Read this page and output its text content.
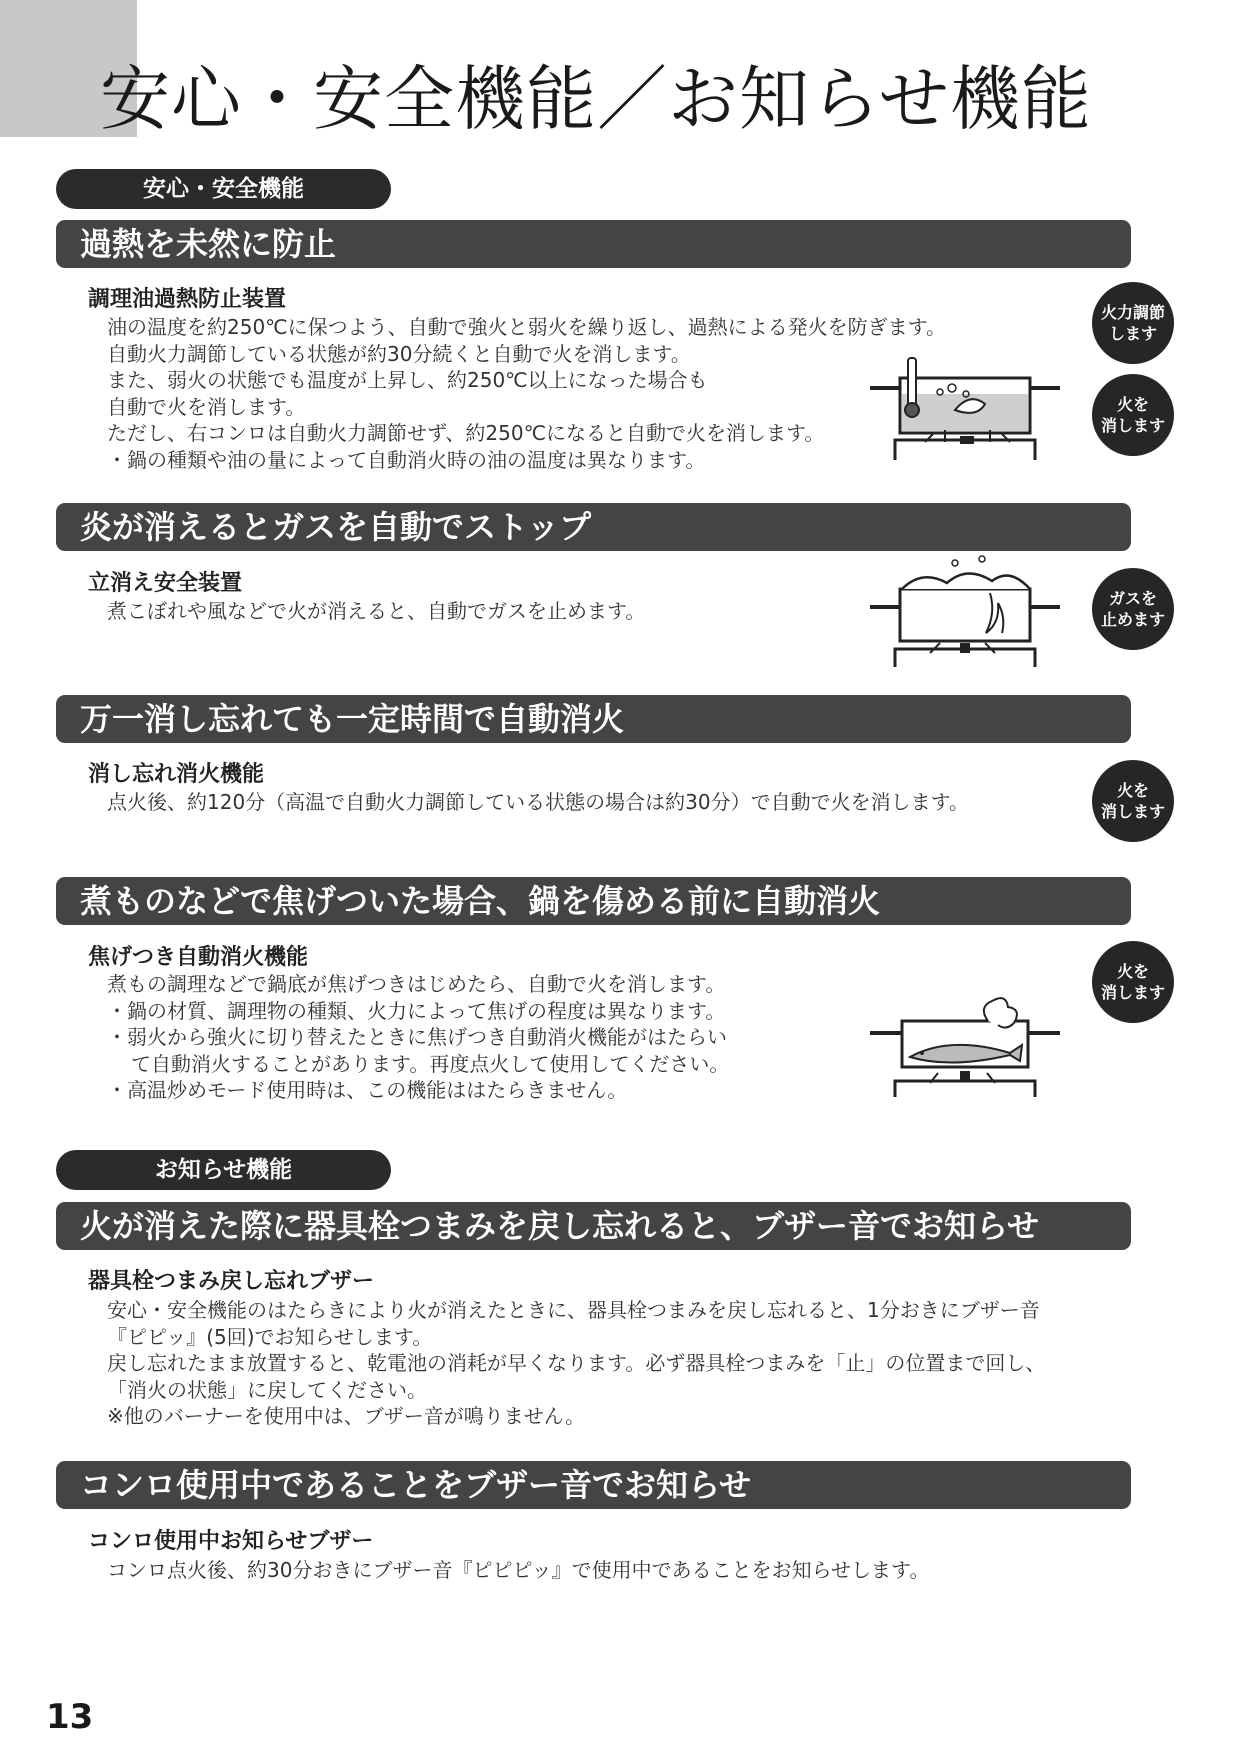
安心・安全機能／お知らせ機能
安心・安全機能
過熱を未然に防止
調理油過熱防止装置
油の温度を約250℃に保つよう、自動で強火と弱火を繰り返し、過熱による発火を防ぎます。
自動火力調節している状態が約30分続くと自動で火を消します。
また、弱火の状態でも温度が上昇し、約250℃以上になった場合も
自動で火を消します。
ただし、右コンロは自動火力調節せず、約250℃になると自動で火を消します。
・鍋の種類や油の量によって自動消火時の油の温度は異なります。
火力調節
します
火を
消します
炎が消えるとガスを自動でストップ
立消え安全装置
煮こぼれや風などで火が消えると、自動でガスを止めます。
ガスを
止めます
万一消し忘れても一定時間で自動消火
消し忘れ消火機能
点火後、約120分（高温で自動火力調節している状態の場合は約30分）で自動で火を消します。	火を
消します
煮ものなどで焦げついた場合、鍋を傷める前に自動消火
焦げつき自動消火機能
煮もの調理などで鍋底が焦げつきはじめたら、自動で火を消します。
・鍋の材質、調理物の種類、火力によって焦げの程度は異なります。
・弱火から強火に切り替えたときに焦げつき自動消火機能がはたらい
て自動消火することがあります。再度点火して使用してください。
・高温炒めモード使用時は、この機能ははたらきません。
火を
消します
お知らせ機能
火が消えた際に器具栓つまみを戻し忘れると、ブザー音でお知らせ
器具栓つまみ戻し忘れブザー
安心・安全機能のはたらきにより火が消えたときに、器具栓つまみを戻し忘れると、1分おきにブザー音
『ピピッ』(5回)でお知らせします。
戻し忘れたまま放置すると、乾電池の消耗が早くなります。必ず器具栓つまみを「止」の位置まで回し、
「消火の状態」に戻してください。
※他のバーナーを使用中は、ブザー音が鳴りません。
コンロ使用中であることをブザー音でお知らせ
コンロ使用中お知らせブザー
コンロ点火後、約30分おきにブザー音『ピピピッ』で使用中であることをお知らせします。
13
